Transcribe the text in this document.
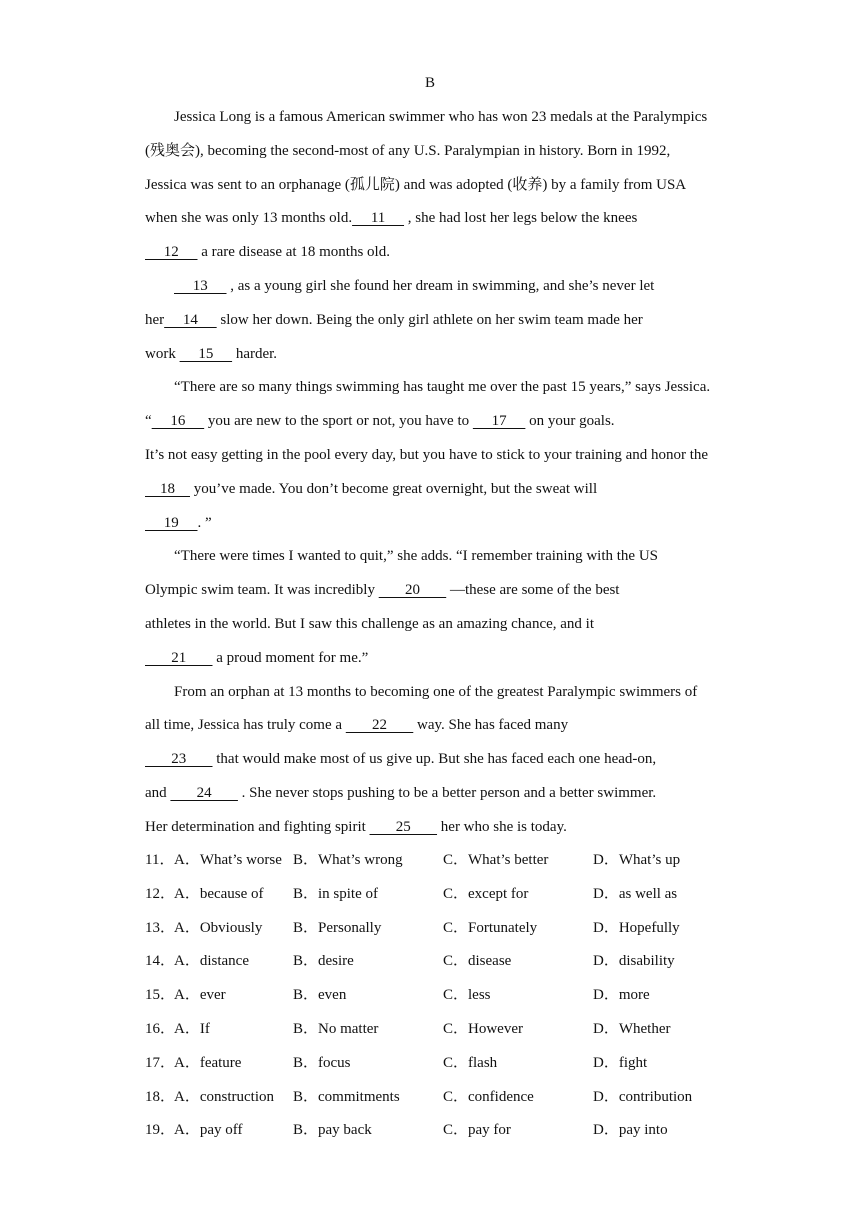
B
Jessica Long is a famous American swimmer who has won 23 medals at the Paralympics
(残奥会), becoming the second-most of any U.S. Paralympian in history. Born in 1992,
Jessica was sent to an orphanage (孤儿院) and was adopted (收养) by a family from USA
when she was only 13 months old.     11      , she had lost her legs below the knees
12      a rare disease at 18 months old.
13      , as a young girl she found her dream in swimming, and she’s never let
her     14      slow her down. Being the only girl athlete on her swim team made her
work      15      harder.
“There are so many things swimming has taught me over the past 15 years,” says Jessica.
“     16      you are new to the sport or not, you have to      17      on your goals.
It’s not easy getting in the pool every day, but you have to stick to your training and honor the
18     you’ve made. You don’t become great overnight, but the sweat will
19     . ”
“There were times I wanted to quit,” she adds. “I remember training with the US
Olympic swim team. It was incredibly        20        —these are some of the best
athletes in the world. But I saw this challenge as an amazing chance, and it
21        a proud moment for me.”
From an orphan at 13 months to becoming one of the greatest Paralympic swimmers of
all time, Jessica has truly come a        22        way. She has faced many
23        that would make most of us give up. But she has faced each one head-on,
and        24        . She never stops pushing to be a better person and a better swimmer.
Her determination and fighting spirit        25        her who she is today.
11． A．What’s worse B．What’s wrong	C．What’s better	D．What’s up
12．
A．because of B．in spite of	C．except for	D．as well as
13．
A．Obviously B．Personally	C．Fortunately	D．Hopefully
14．
A．distance	B．desire	C．disease	D．disability
15．
A．ever	B．even	C．less	D．more
16．
A．If	B．No matter	C．However	D．Whether
17．
A．feature	B．focus	C．flash	D．fight
18．
A．construction B．commitments	C．confidence	D．contribution
19．
A．pay off	B．pay back	C．pay for	D．pay into
